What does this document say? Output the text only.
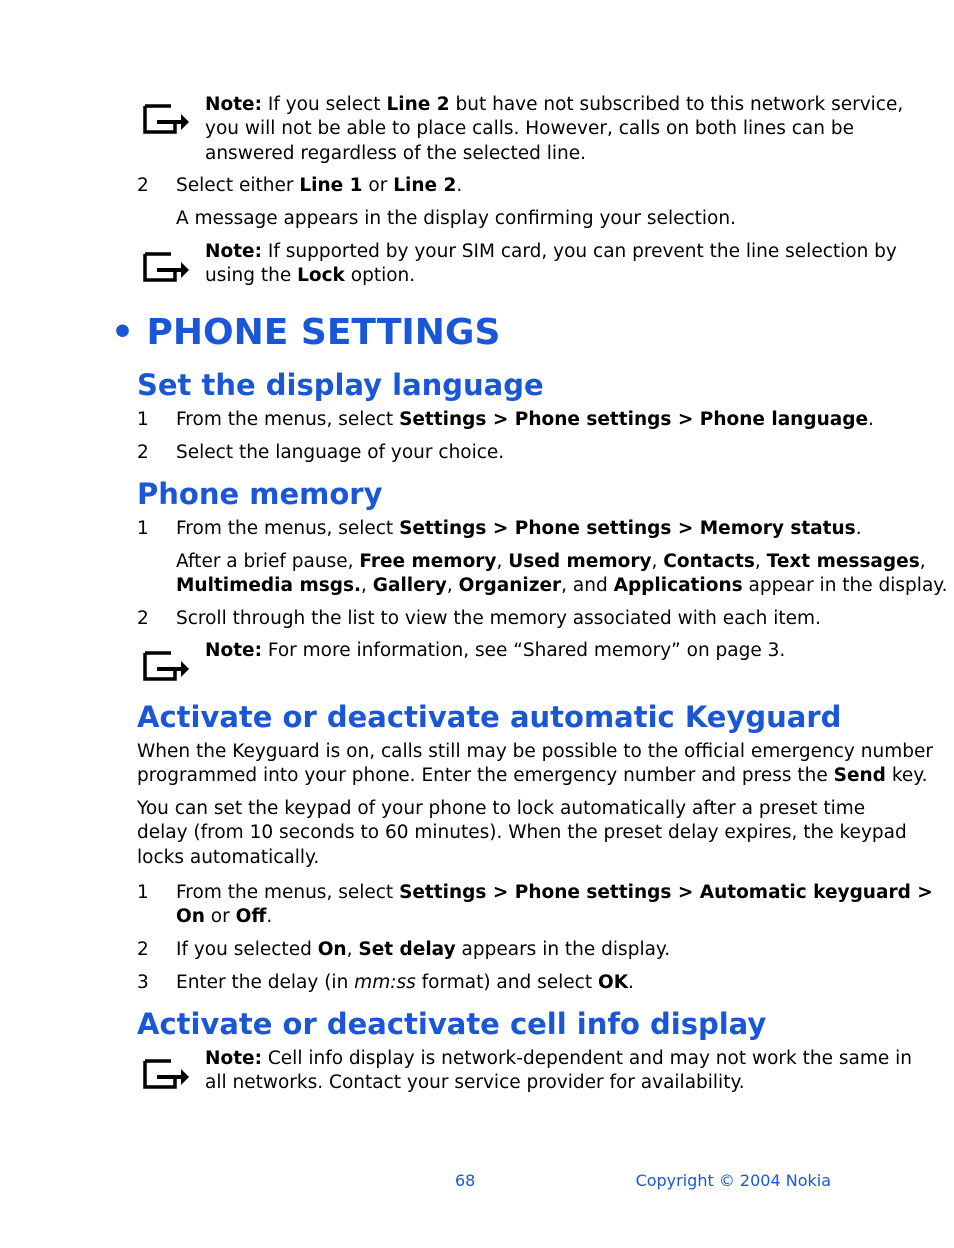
Note: If you select Line 2 but have not subscribed to this network service,
you will not be able to place calls. However, calls on both lines can be
answered regardless of the selected line.
2 Select either Line 1 or Line 2.
A message appears in the display confirming your selection.
Note: If supported by your SIM card, you can prevent the line selection by
using the Lock option.
• PHONE SETTINGS
Set the display language
1 From the menus, select Settings > Phone settings > Phone language.
2 Select the language of your choice.
Phone memory
1 From the menus, select Settings > Phone settings > Memory status.
After a brief pause, Free memory, Used memory, Contacts, Text messages,
Multimedia msgs., Gallery, Organizer, and Applications appear in the display.
2 Scroll through the list to view the memory associated with each item.
Note: For more information, see “Shared memory” on page 3.
Activate or deactivate automatic Keyguard
When the Keyguard is on, calls still may be possible to the official emergency number
programmed into your phone. Enter the emergency number and press the Send key.
You can set the keypad of your phone to lock automatically after a preset time
delay (from 10 seconds to 60 minutes). When the preset delay expires, the keypad
locks automatically.
1 From the menus, select Settings > Phone settings > Automatic keyguard >
On or Off.
2 If you selected On, Set delay appears in the display.
3 Enter the delay (in mm:ss format) and select OK.
Activate or deactivate cell info display
Note: Cell info display is network-dependent and may not work the same in
all networks. Contact your service provider for availability.
68	Copyright © 2004 Nokia
